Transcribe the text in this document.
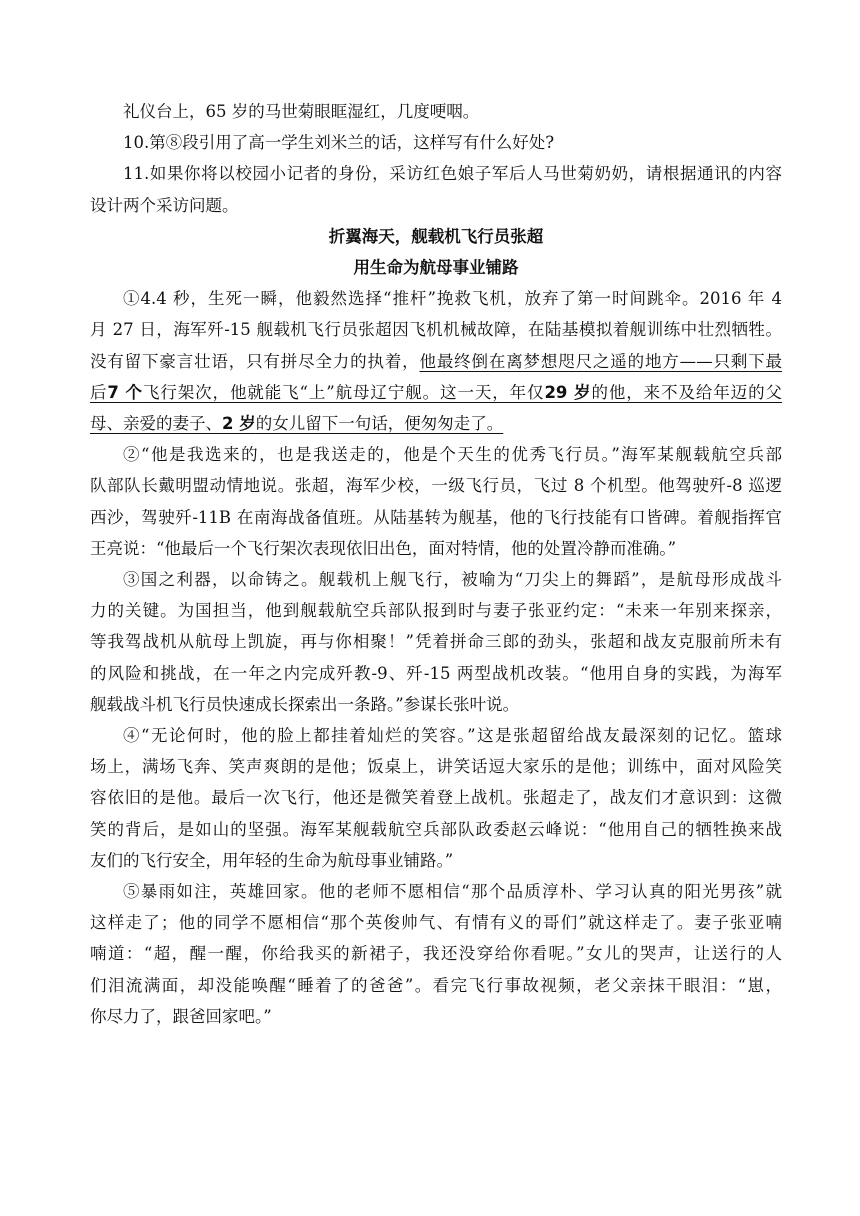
礼仪台上，65 岁的马世菊眼眶湿红，几度哽咽。

10.第⑧段引用了高一学生刘米兰的话，这样写有什么好处?

11.如果你将以校园小记者的身份，采访红色娘子军后人马世菊奶奶，请根据通讯的内容

设计两个采访问题。

折翼海天，舰载机飞行员张超
用生命为航母事业铺路

①4.4 秒，生死一瞬，他毅然选择“推杆”挽救飞机，放弃了第一时间跳伞。2016 年 4

月 27 日，海军歼-15 舰载机飞行员张超因飞机机械故障，在陆基模拟着舰训练中壮烈牺牲。

没有留下豪言壮语，只有拼尽全力的执着，他最终倒在离梦想咫尺之遥的地方——只剩下最

后7 个飞行架次，他就能飞“上”航母辽宁舰。这一天，年仅29 岁的他，来不及给年迈的父

母、亲爱的妻子、2 岁的女儿留下一句话，便匆匆走了。

②“他是我选来的，也是我送走的，他是个天生的优秀飞行员。”海军某舰载航空兵部

队部队长戴明盟动情地说。张超，海军少校，一级飞行员，飞过 8 个机型。他驾驶歼-8 巡逻

西沙，驾驶歼-11B 在南海战备值班。从陆基转为舰基，他的飞行技能有口皆碑。着舰指挥官

王亮说：“他最后一个飞行架次表现依旧出色，面对特情，他的处置冷静而准确。”

③国之利器，以命铸之。舰载机上舰飞行，被喻为“刀尖上的舞蹈”，是航母形成战斗

力的关键。为国担当，他到舰载航空兵部队报到时与妻子张亚约定：“未来一年别来探亲，

等我驾战机从航母上凯旋，再与你相聚！”凭着拼命三郎的劲头，张超和战友克服前所未有

的风险和挑战，在一年之内完成歼教-9、歼-15 两型战机改装。“他用自身的实践，为海军

舰载战斗机飞行员快速成长探索出一条路。”参谋长张叶说。

④“无论何时，他的脸上都挂着灿烂的笑容。”这是张超留给战友最深刻的记忆。篮球

场上，满场飞奔、笑声爽朗的是他；饭桌上，讲笑话逗大家乐的是他；训练中，面对风险笑

容依旧的是他。最后一次飞行，他还是微笑着登上战机。张超走了，战友们才意识到：这微

笑的背后，是如山的坚强。海军某舰载航空兵部队政委赵云峰说：“他用自己的牺牲换来战

友们的飞行安全，用年轻的生命为航母事业铺路。”

⑤暴雨如注，英雄回家。他的老师不愿相信“那个品质淳朴、学习认真的阳光男孩”就

这样走了；他的同学不愿相信“那个英俊帅气、有情有义的哥们”就这样走了。妻子张亚喃

喃道：“超，醒一醒，你给我买的新裙子，我还没穿给你看呢。”女儿的哭声，让送行的人

们泪流满面，却没能唤醒“睡着了的爸爸”。看完飞行事故视频，老父亲抹干眼泪：“崽，

你尽力了，跟爸回家吧。”
